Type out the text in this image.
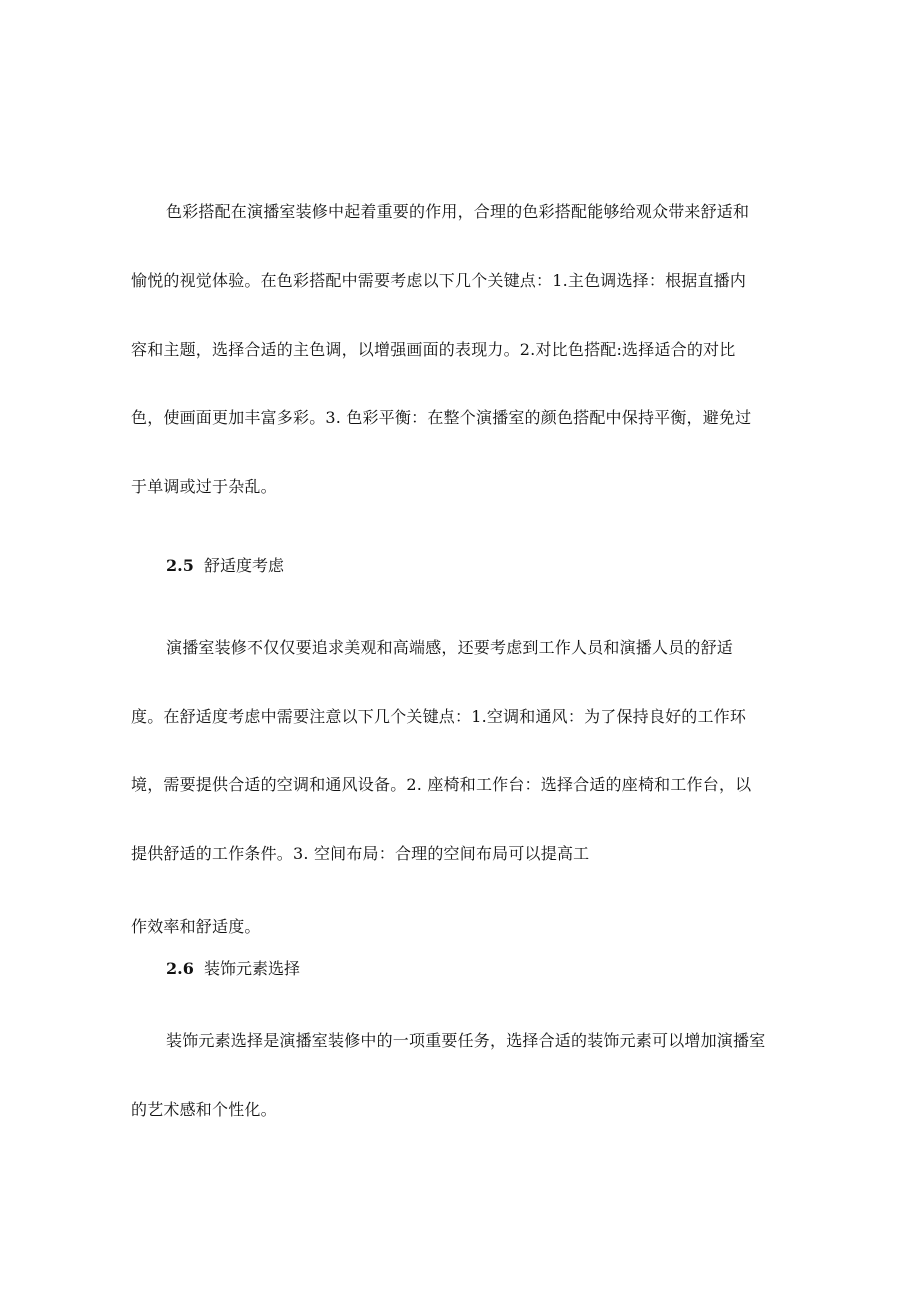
色彩搭配在演播室装修中起着重要的作用，合理的色彩搭配能够给观众带来舒适和
愉悦的视觉体验。在色彩搭配中需要考虑以下几个关键点：1.主色调选择：根据直播内
容和主题，选择合适的主色调，以增强画面的表现力。2.对比色搭配:选择适合的对比
色，使画面更加丰富多彩。3. 色彩平衡：在整个演播室的颜色搭配中保持平衡，避免过
于单调或过于杂乱。
2.5 舒适度考虑
演播室装修不仅仅要追求美观和高端感，还要考虑到工作人员和演播人员的舒适
度。在舒适度考虑中需要注意以下几个关键点：1.空调和通风：为了保持良好的工作环
境，需要提供合适的空调和通风设备。2. 座椅和工作台：选择合适的座椅和工作台，以
提供舒适的工作条件。3. 空间布局：合理的空间布局可以提高工
作效率和舒适度。
2.6 装饰元素选择
装饰元素选择是演播室装修中的一项重要任务，选择合适的装饰元素可以增加演播室
的艺术感和个性化。
